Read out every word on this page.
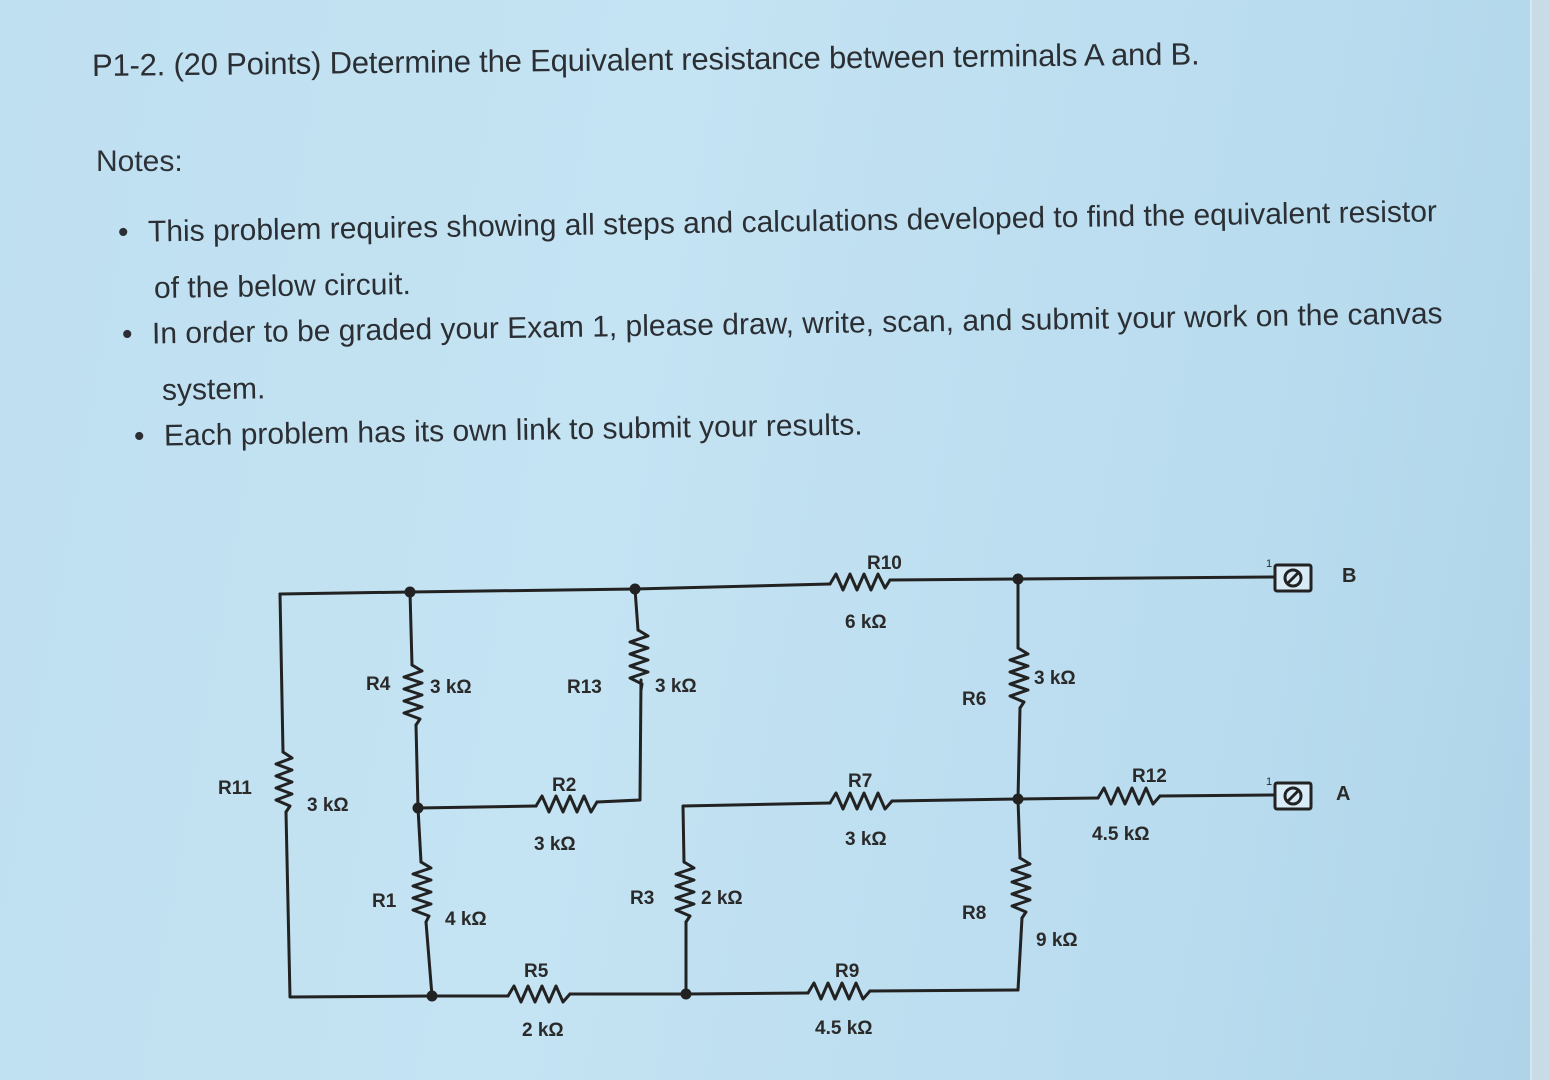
P1-2. (20 Points) Determine the Equivalent resistance between terminals A and B.
Notes:
• This problem requires showing all steps and calculations developed to find the equivalent resistor
of the below circuit.
• In order to be graded your Exam 1, please draw, write, scan, and submit your work on the canvas
system.
• Each problem has its own link to submit your results.
1
B
1
A
R10
R4	R13
R6
R11	R2	R7	R12
R1	R3
R8
R5	R9
6 kΩ
3 kΩ	3 kΩ	3 kΩ
3 kΩ
3 kΩ	3 kΩ	4.5 kΩ
4 kΩ
2 kΩ
9 kΩ
2 kΩ	4.5 kΩ
